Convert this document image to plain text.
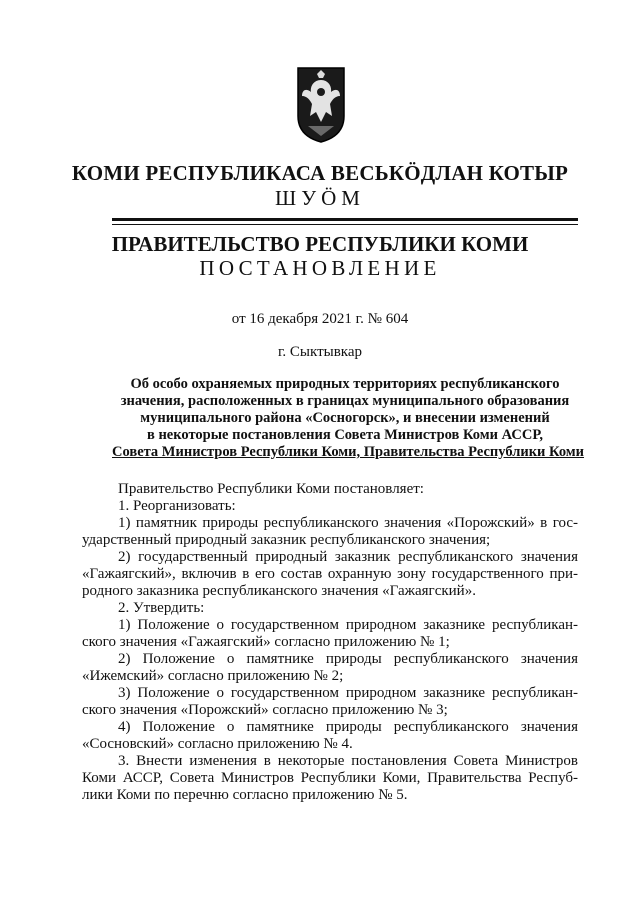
КОМИ РЕСПУБЛИКАСА ВЕСЬКӦДЛАН КОТЫР
ШУÖМ
ПРАВИТЕЛЬСТВО РЕСПУБЛИКИ КОМИ
ПОСТАНОВЛЕНИЕ
от 16 декабря 2021 г. № 604
г. Сыктывкар
Об особо охраняемых природных территориях республиканского
значения, расположенных в границах муниципального образования
муниципального района «Сосногорск», и внесении изменений
в некоторые постановления Совета Министров Коми АССР,
Совета Министров Республики Коми, Правительства Республики Коми
Правительство Республики Коми постановляет:
1. Реорганизовать:
1) памятник природы республиканского значения «Порожский» в гос-
ударственный природный заказник республиканского значения;
2) государственный природный заказник республиканского значения
«Гажаягский», включив в его состав охранную зону государственного при-
родного заказника республиканского значения «Гажаягский».
2. Утвердить:
1) Положение о государственном природном заказнике республикан-
ского значения «Гажаягский» согласно приложению № 1;
2) Положение о памятнике природы республиканского значения
«Ижемский» согласно приложению № 2;
3) Положение о государственном природном заказнике республикан-
ского значения «Порожский» согласно приложению № 3;
4) Положение о памятнике природы республиканского значения
«Сосновский» согласно приложению № 4.
3. Внести изменения в некоторые постановления Совета Министров
Коми АССР, Совета Министров Республики Коми, Правительства Респуб-
лики Коми по перечню согласно приложению № 5.
